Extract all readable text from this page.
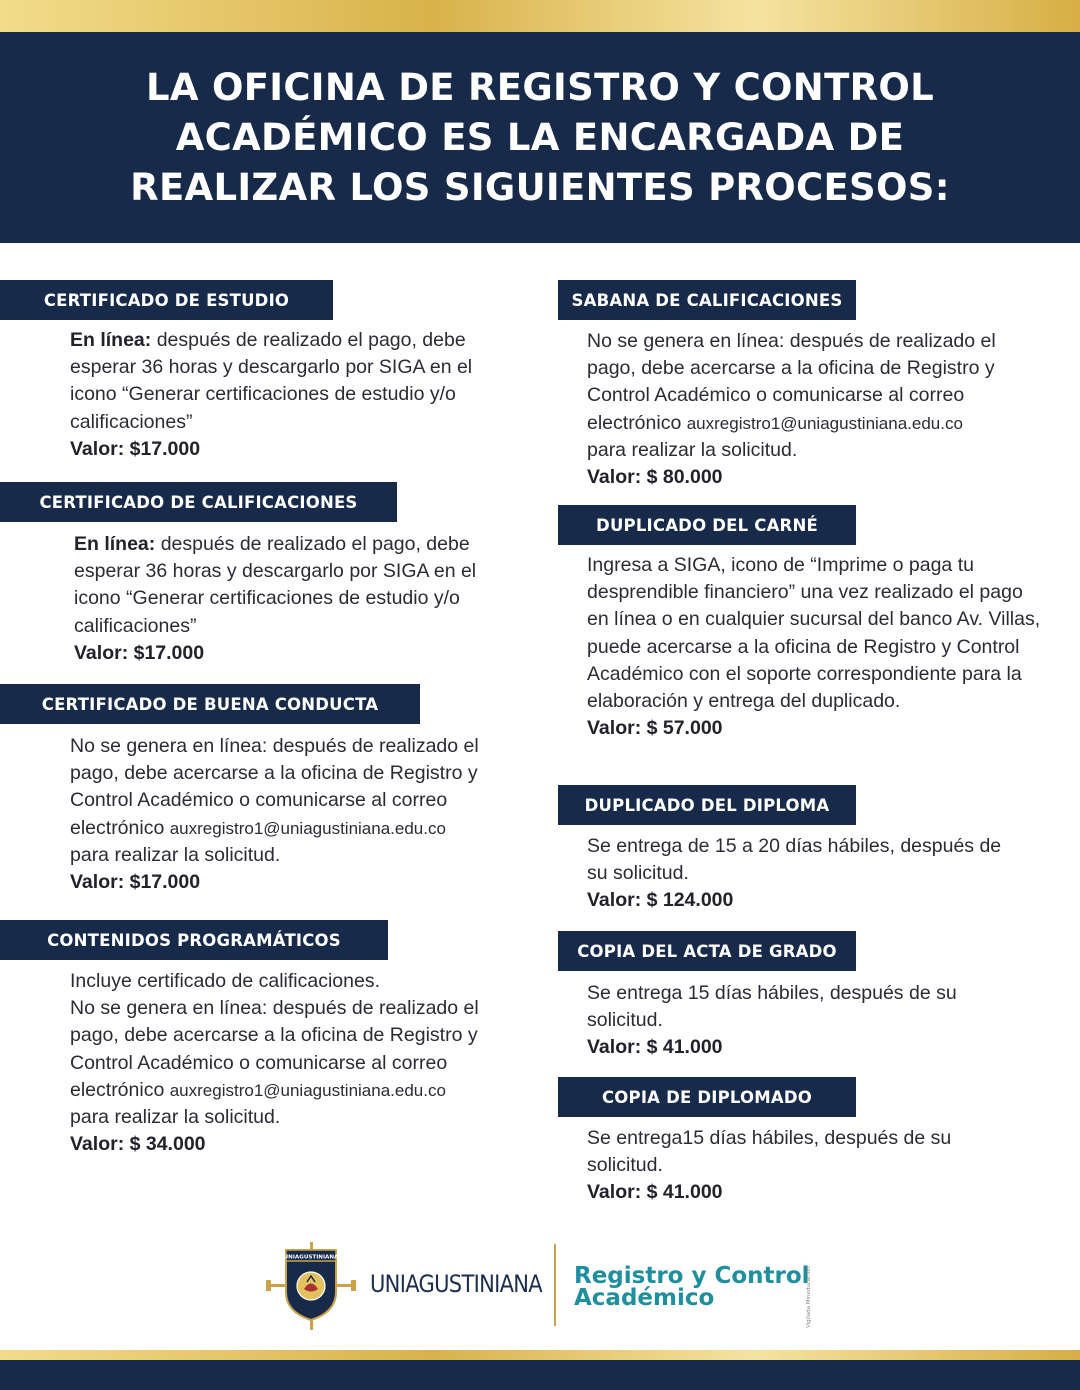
LA OFICINA DE REGISTRO Y CONTROL ACADÉMICO ES LA ENCARGADA DE REALIZAR LOS SIGUIENTES PROCESOS:
CERTIFICADO DE ESTUDIO

En línea: después de realizado el pago, debe esperar 36 horas y descargarlo por SIGA en el icono “Generar certificaciones de estudio y/o calificaciones”

Valor: $17.000

CERTIFICADO DE CALIFICACIONES

En línea: después de realizado el pago, debe esperar 36 horas y descargarlo por SIGA en el icono “Generar certificaciones de estudio y/o calificaciones”

Valor: $17.000

CERTIFICADO DE BUENA CONDUCTA

No se genera en línea: después de realizado el pago, debe acercarse a la oficina de Registro y Control Académico o comunicarse al correo electrónico auxregistro1@uniagustiniana.edu.co

para realizar la solicitud.

Valor: $17.000

CONTENIDOS PROGRAMÁTICOS

Incluye certificado de calificaciones.

No se genera en línea: después de realizado el pago, debe acercarse a la oficina de Registro y Control Académico o comunicarse al correo electrónico auxregistro1@uniagustiniana.edu.co

para realizar la solicitud.

Valor: $ 34.000

SABANA DE CALIFICACIONES

No se genera en línea: después de realizado el pago, debe acercarse a la oficina de Registro y Control Académico o comunicarse al correo electrónico auxregistro1@uniagustiniana.edu.co

para realizar la solicitud.

Valor: $ 80.000

DUPLICADO DEL CARNÉ

Ingresa a SIGA, icono de “Imprime o paga tu desprendible financiero” una vez realizado el pago en línea o en cualquier sucursal del banco Av. Villas, puede acercarse a la oficina de Registro y Control Académico con el soporte correspondiente para la elaboración y entrega del duplicado.

Valor: $ 57.000

DUPLICADO DEL DIPLOMA

Se entrega de 15 a 20 días hábiles, después de su solicitud.

Valor: $ 124.000

COPIA DEL ACTA DE GRADO

Se entrega 15 días hábiles, después de su solicitud.

Valor: $ 41.000

COPIA DE DIPLOMADO

Se entrega15 días hábiles, después de su solicitud.

Valor: $ 41.000

UNIAGUSTINIANA
UNIAGUSTINIANA Registro y Control
Académico	Vigilada Mineducación
